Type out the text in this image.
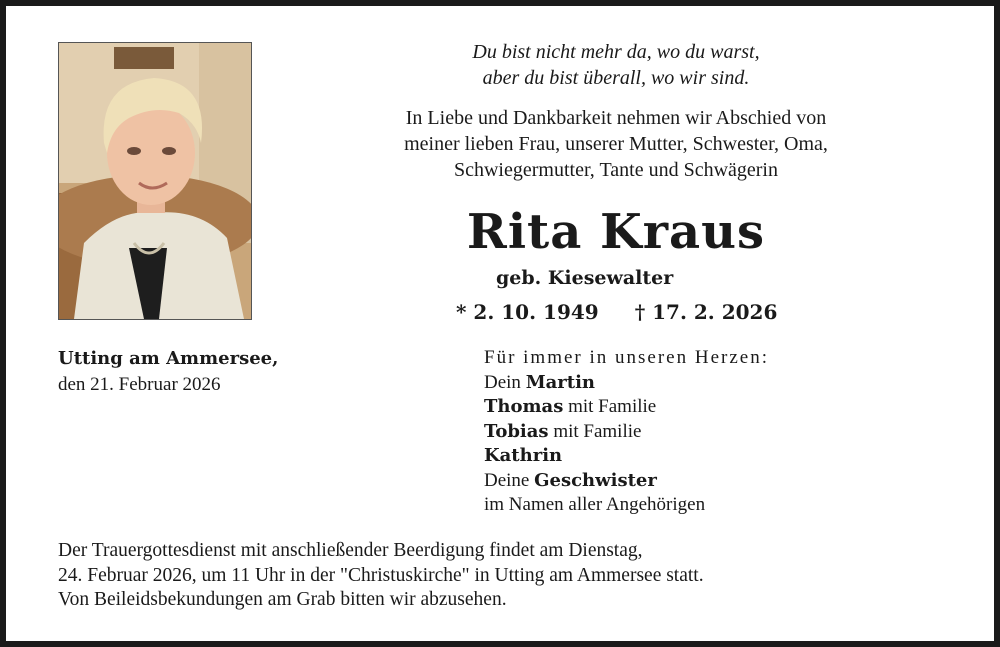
Du bist nicht mehr da, wo du warst,
aber du bist überall, wo wir sind.
In Liebe und Dankbarkeit nehmen wir Abschied von
meiner lieben Frau, unserer Mutter, Schwester, Oma,
Schwiegermutter, Tante und Schwägerin
Rita Kraus
geb. Kiesewalter
* 2. 10. 1949 † 17. 2. 2026
Utting am Ammersee,
den 21. Februar 2026
Für immer in unseren Herzen:
Dein Martin
Thomas mit Familie
Tobias mit Familie
Kathrin
Deine Geschwister
im Namen aller Angehörigen
Der Trauergottesdienst mit anschließender Beerdigung findet am Dienstag,
24. Februar 2026, um 11 Uhr in der "Christuskirche" in Utting am Ammersee statt.
Von Beileidsbekundungen am Grab bitten wir abzusehen.
